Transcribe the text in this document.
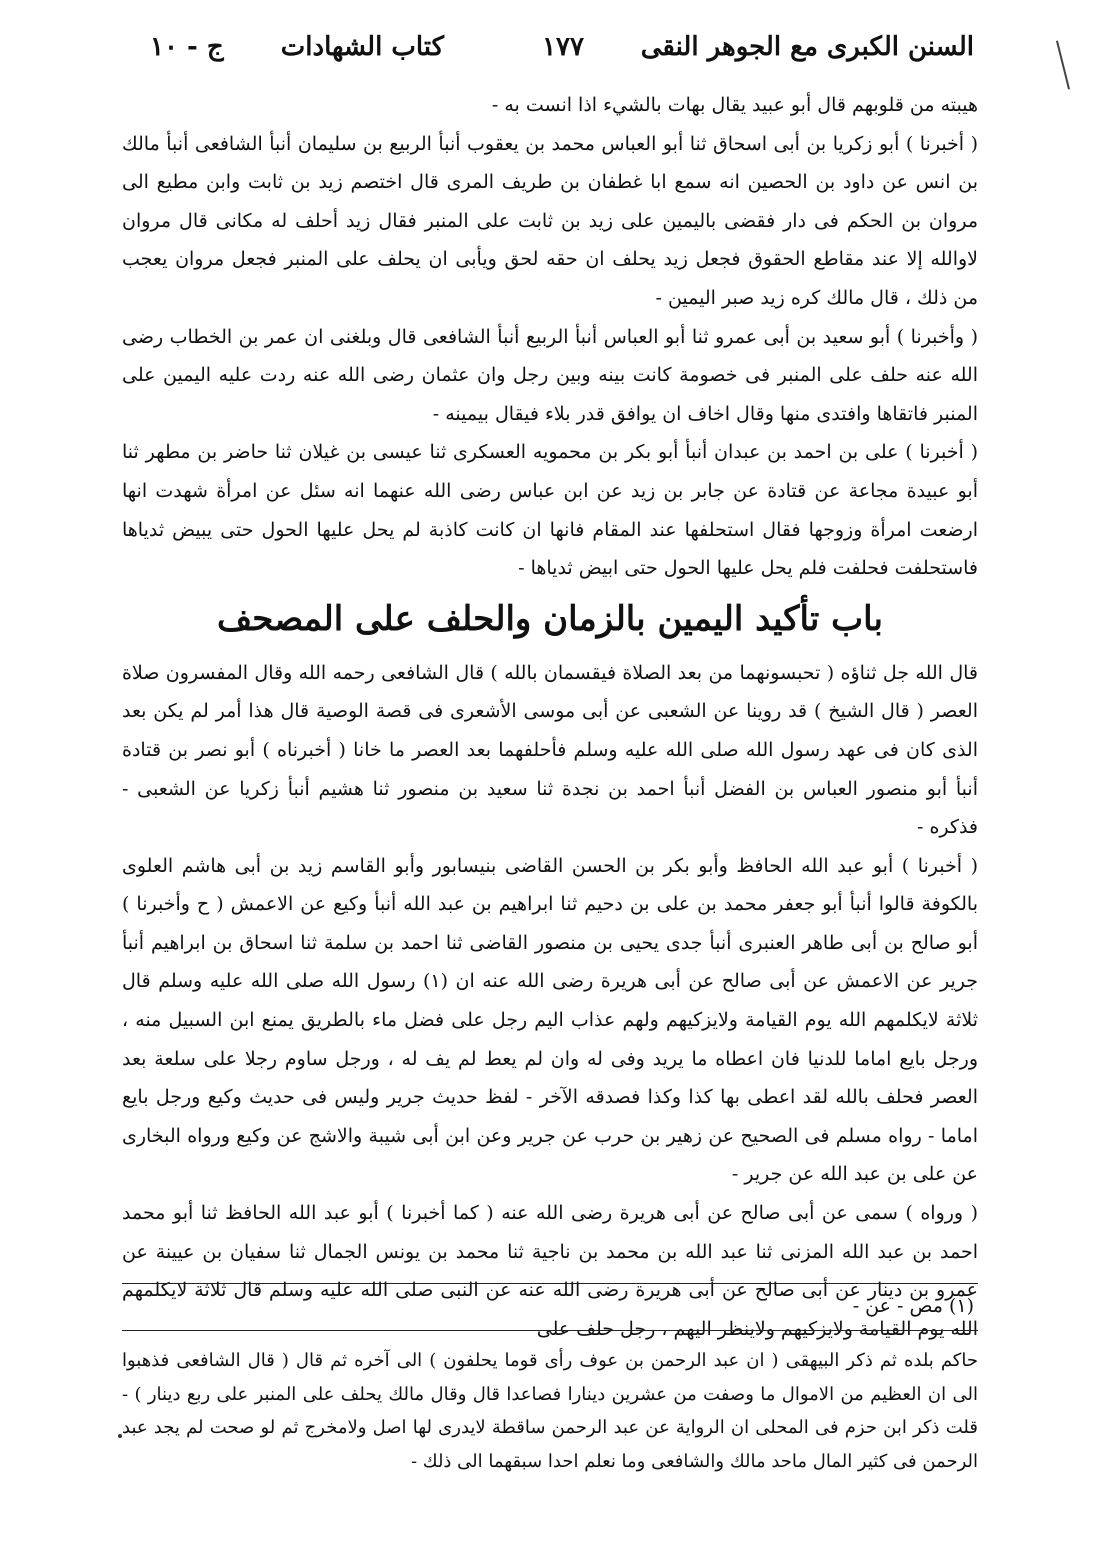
السنن الكبرى مع الجوهر النقى
١٧٧
كتاب الشهادات
ج - ١٠

هيبته من قلوبهم قال أبو عبيد يقال بهات بالشيء اذا انست به -

( أخبرنا ) أبو زكريا بن أبى اسحاق ثنا أبو العباس محمد بن يعقوب أنبأ الربيع بن سليمان أنبأ الشافعى أنبأ مالك بن انس عن داود بن الحصين انه سمع ابا غطفان بن طريف المرى قال اختصم زيد بن ثابت وابن مطيع الى مروان بن الحكم فى دار فقضى باليمين على زيد بن ثابت على المنبر فقال زيد أحلف له مكانى قال مروان لاوالله إلا عند مقاطع الحقوق فجعل زيد يحلف ان حقه لحق ويأبى ان يحلف على المنبر فجعل مروان يعجب من ذلك ، قال مالك كره زيد صبر اليمين -

( وأخبرنا ) أبو سعيد بن أبى عمرو ثنا أبو العباس أنبأ الربيع أنبأ الشافعى قال وبلغنى ان عمر بن الخطاب رضى الله عنه حلف على المنبر فى خصومة كانت بينه وبين رجل وان عثمان رضى الله عنه ردت عليه اليمين على المنبر فاتقاها وافتدى منها وقال اخاف ان يوافق قدر بلاء فيقال بيمينه -

( أخبرنا ) على بن احمد بن عبدان أنبأ أبو بكر بن محمويه العسكرى ثنا عيسى بن غيلان ثنا حاضر بن مطهر ثنا أبو عبيدة مجاعة عن قتادة عن جابر بن زيد عن ابن عباس رضى الله عنهما انه سئل عن امرأة شهدت انها ارضعت امرأة وزوجها فقال استحلفها عند المقام فانها ان كانت كاذبة لم يحل عليها الحول حتى يبيض ثدياها فاستحلفت فحلفت فلم يحل عليها الحول حتى ابيض ثدياها -

باب تأكيد اليمين بالزمان والحلف على المصحف

قال الله جل ثناؤه ( تحبسونهما من بعد الصلاة فيقسمان بالله ) قال الشافعى رحمه الله وقال المفسرون صلاة العصر ( قال الشيخ ) قد روينا عن الشعبى عن أبى موسى الأشعرى فى قصة الوصية قال هذا أمر لم يكن بعد الذى كان فى عهد رسول الله صلى الله عليه وسلم فأحلفهما بعد العصر ما خانا ( أخبرناه ) أبو نصر بن قتادة أنبأ أبو منصور العباس بن الفضل أنبأ احمد بن نجدة ثنا سعيد بن منصور ثنا هشيم أنبأ زكريا عن الشعبى - فذكره -

( أخبرنا ) أبو عبد الله الحافظ وأبو بكر بن الحسن القاضى بنيسابور وأبو القاسم زيد بن أبى هاشم العلوى بالكوفة قالوا أنبأ أبو جعفر محمد بن على بن دحيم ثنا ابراهيم بن عبد الله أنبأ وكيع عن الاعمش ( ح وأخبرنا ) أبو صالح بن أبى طاهر العنبرى أنبأ جدى يحيى بن منصور القاضى ثنا احمد بن سلمة ثنا اسحاق بن ابراهيم أنبأ جرير عن الاعمش عن أبى صالح عن أبى هريرة رضى الله عنه ان (١) رسول الله صلى الله عليه وسلم قال ثلاثة لايكلمهم الله يوم القيامة ولايزكيهم ولهم عذاب اليم رجل على فضل ماء بالطريق يمنع ابن السبيل منه ، ورجل بايع اماما للدنيا فان اعطاه ما يريد وفى له وان لم يعط لم يف له ، ورجل ساوم رجلا على سلعة بعد العصر فحلف بالله لقد اعطى بها كذا وكذا فصدقه الآخر - لفظ حديث جرير وليس فى حديث وكيع ورجل بايع اماما - رواه مسلم فى الصحيح عن زهير بن حرب عن جرير وعن ابن أبى شيبة والاشج عن وكيع ورواه البخارى عن على بن عبد الله عن جرير -

( ورواه ) سمى عن أبى صالح عن أبى هريرة رضى الله عنه ( كما أخبرنا ) أبو عبد الله الحافظ ثنا أبو محمد احمد بن عبد الله المزنى ثنا عبد الله بن محمد بن ناجية ثنا محمد بن يونس الجمال ثنا سفيان بن عيينة عن عمرو بن دينار عن أبى صالح عن أبى هريرة رضى الله عنه عن النبى صلى الله عليه وسلم قال ثلاثة لايكلمهم الله يوم القيامة ولايزكيهم ولاينظر اليهم ، رجل حلف على

(١) مص - عن -
حاكم بلده ثم ذكر البيهقى ( ان عبد الرحمن بن عوف رأى قوما يحلفون ) الى آخره ثم قال ( قال الشافعى فذهبوا الى ان العظيم من الاموال ما وصفت من عشرين دينارا فصاعدا قال وقال مالك يحلف على المنبر على ربع دينار ) - قلت ذكر ابن حزم فى المحلى ان الرواية عن عبد الرحمن ساقطة لايدرى لها اصل ولامخرج ثم لو صحت لم يجد عبد الرحمن فى كثير المال ماحد مالك والشافعى وما نعلم احدا سبقهما الى ذلك -
